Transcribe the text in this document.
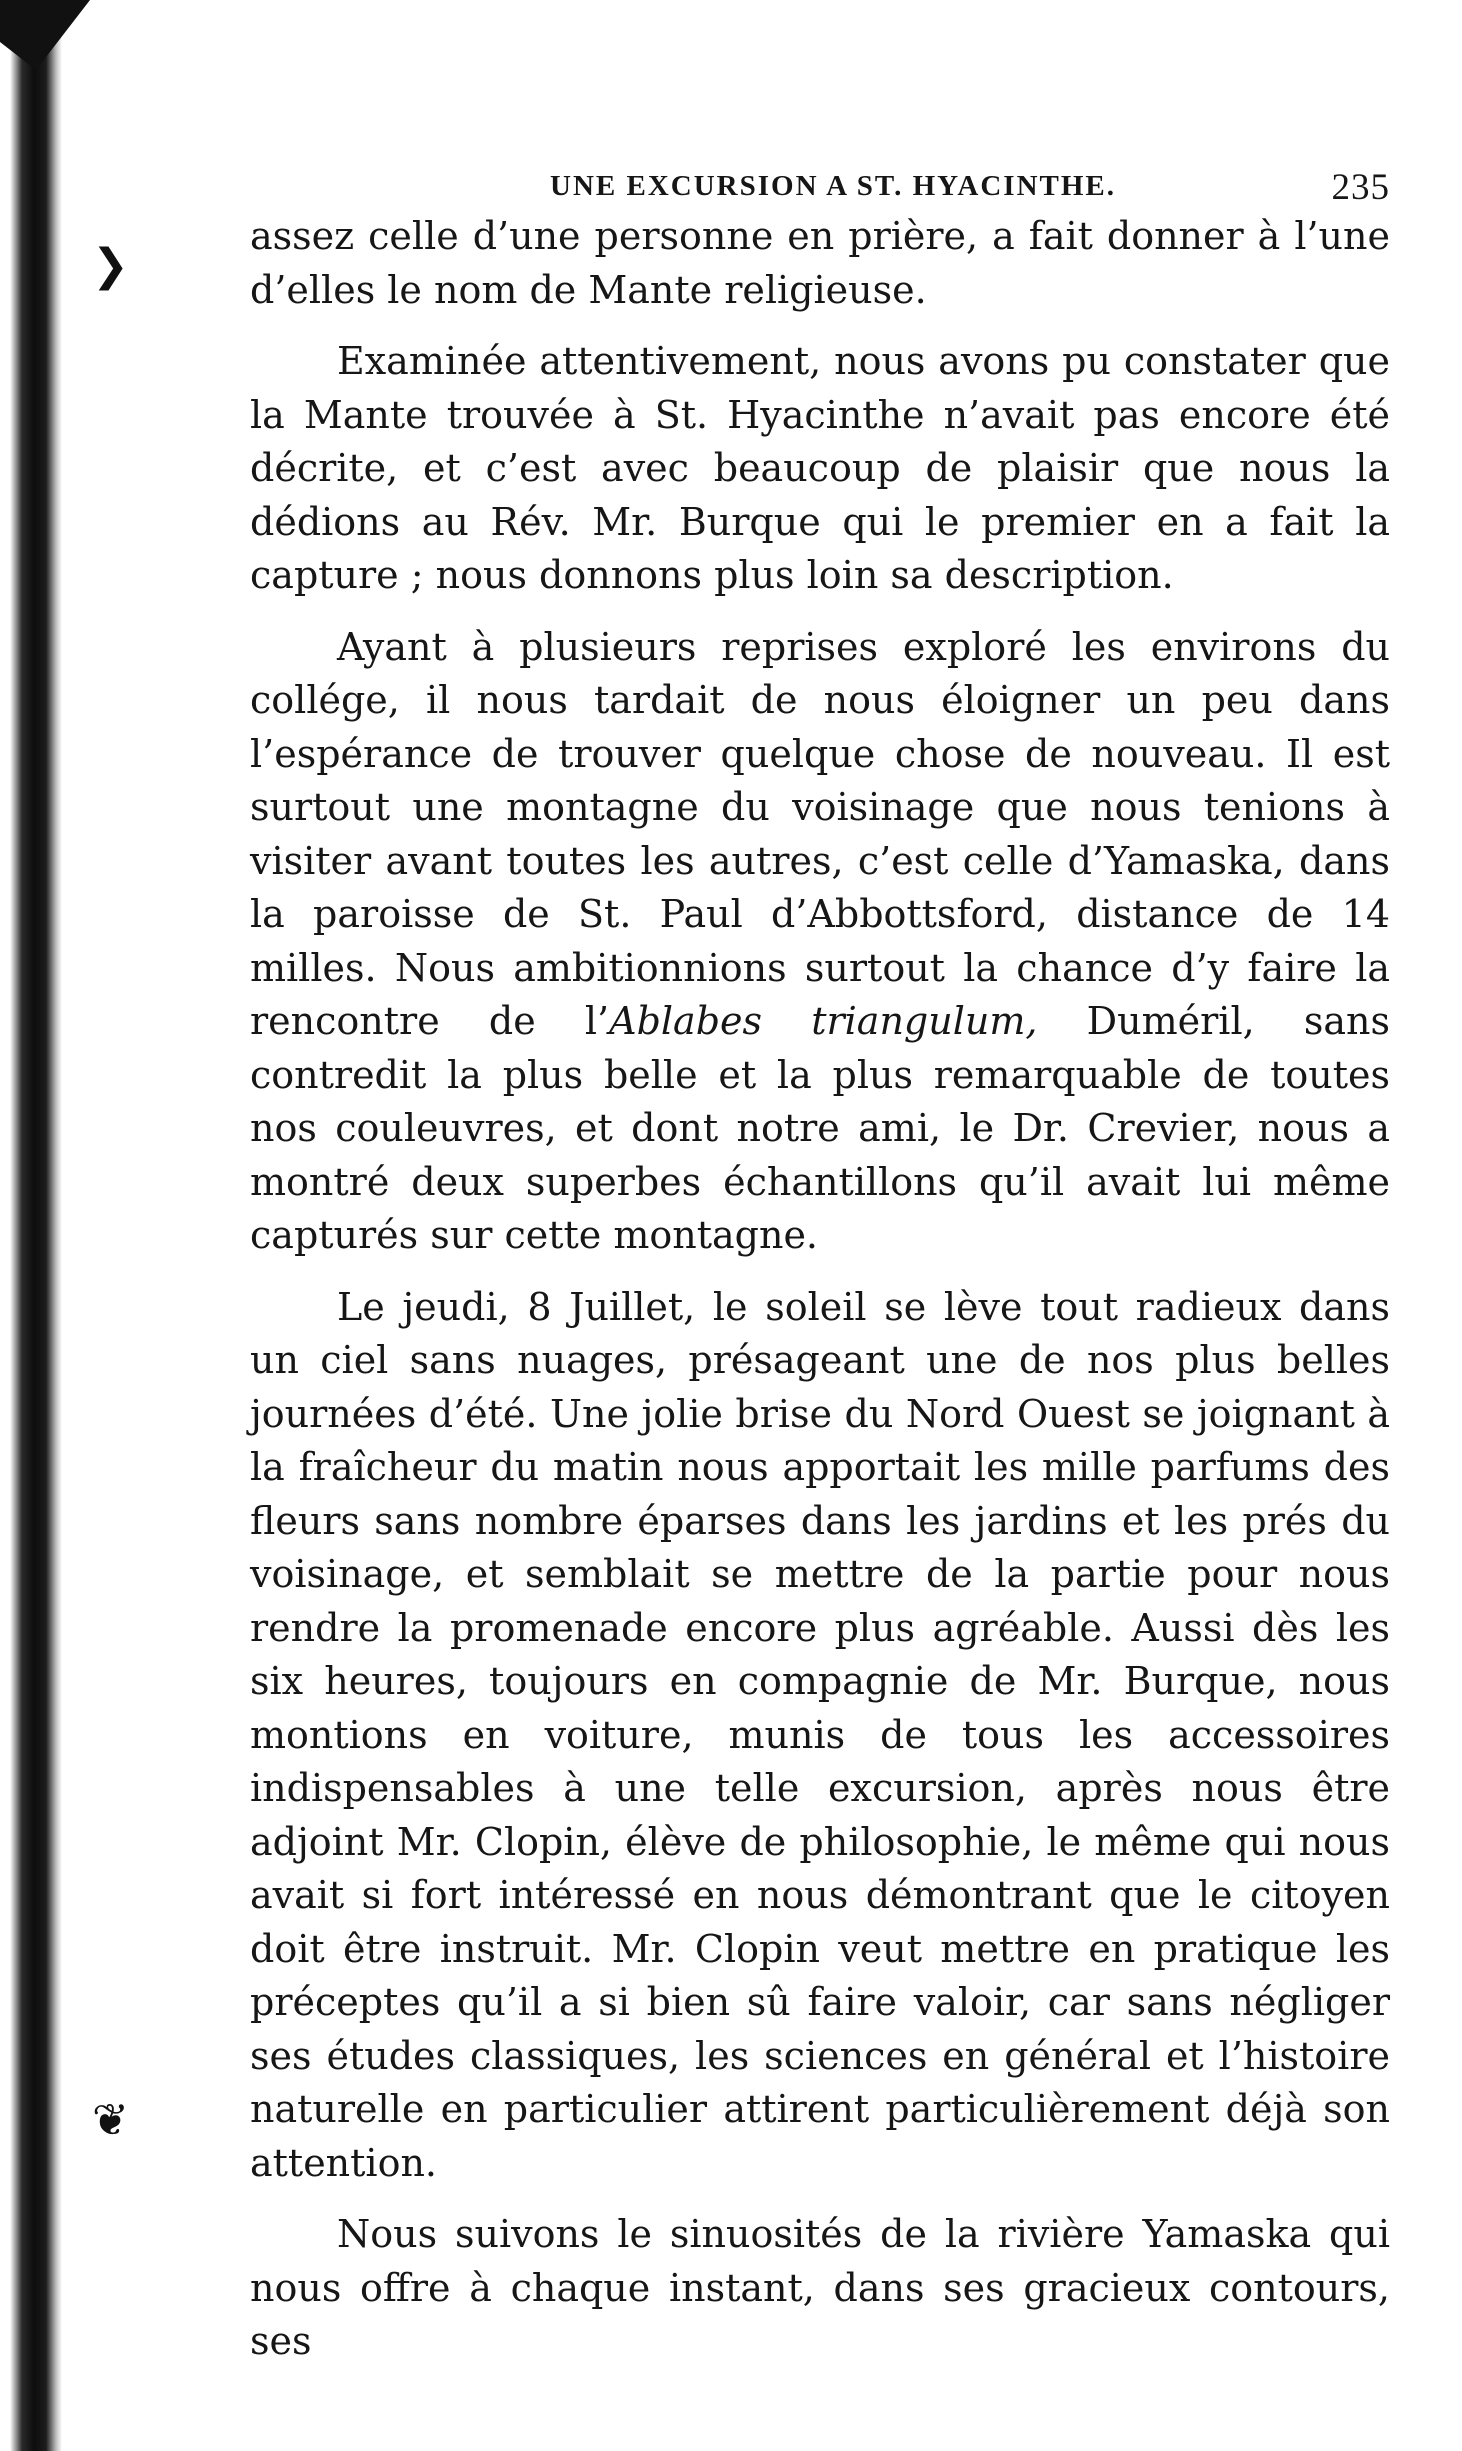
❯
❦
UNE EXCURSION A ST. HYACINTHE.	235

assez celle d’une personne en prière, a fait donner à l’une d’elles le nom de Mante religieuse.

Examinée attentivement, nous avons pu constater que la Mante trouvée à St. Hyacinthe n’avait pas encore été décrite, et c’est avec beaucoup de plaisir que nous la dédions au Rév. Mr. Burque qui le premier en a fait la capture ; nous donnons plus loin sa description.

Ayant à plusieurs reprises exploré les environs du collége, il nous tardait de nous éloigner un peu dans l’espérance de trouver quelque chose de nouveau. Il est surtout une montagne du voisinage que nous tenions à visiter avant toutes les autres, c’est celle d’Yamaska, dans la paroisse de St. Paul d’Abbottsford, distance de 14 milles. Nous ambitionnions surtout la chance d’y faire la rencontre de l’Ablabes triangulum, Duméril, sans contredit la plus belle et la plus remarquable de toutes nos couleuvres, et dont notre ami, le Dr. Crevier, nous a montré deux superbes échantillons qu’il avait lui même capturés sur cette montagne.

Le jeudi, 8 Juillet, le soleil se lève tout radieux dans un ciel sans nuages, présageant une de nos plus belles journées d’été. Une jolie brise du Nord Ouest se joignant à la fraîcheur du matin nous apportait les mille parfums des fleurs sans nombre éparses dans les jardins et les prés du voisinage, et semblait se mettre de la partie pour nous rendre la promenade encore plus agréable. Aussi dès les six heures, toujours en compagnie de Mr. Burque, nous montions en voiture, munis de tous les accessoires indispensables à une telle excursion, après nous être adjoint Mr. Clopin, élève de philosophie, le même qui nous avait si fort intéressé en nous démontrant que le citoyen doit être instruit. Mr. Clopin veut mettre en pratique les préceptes qu’il a si bien sû faire valoir, car sans négliger ses études classiques, les sciences en général et l’histoire naturelle en particulier attirent particulièrement déjà son attention.

Nous suivons le sinuosités de la rivière Yamaska qui nous offre à chaque instant, dans ses gracieux contours, ses
